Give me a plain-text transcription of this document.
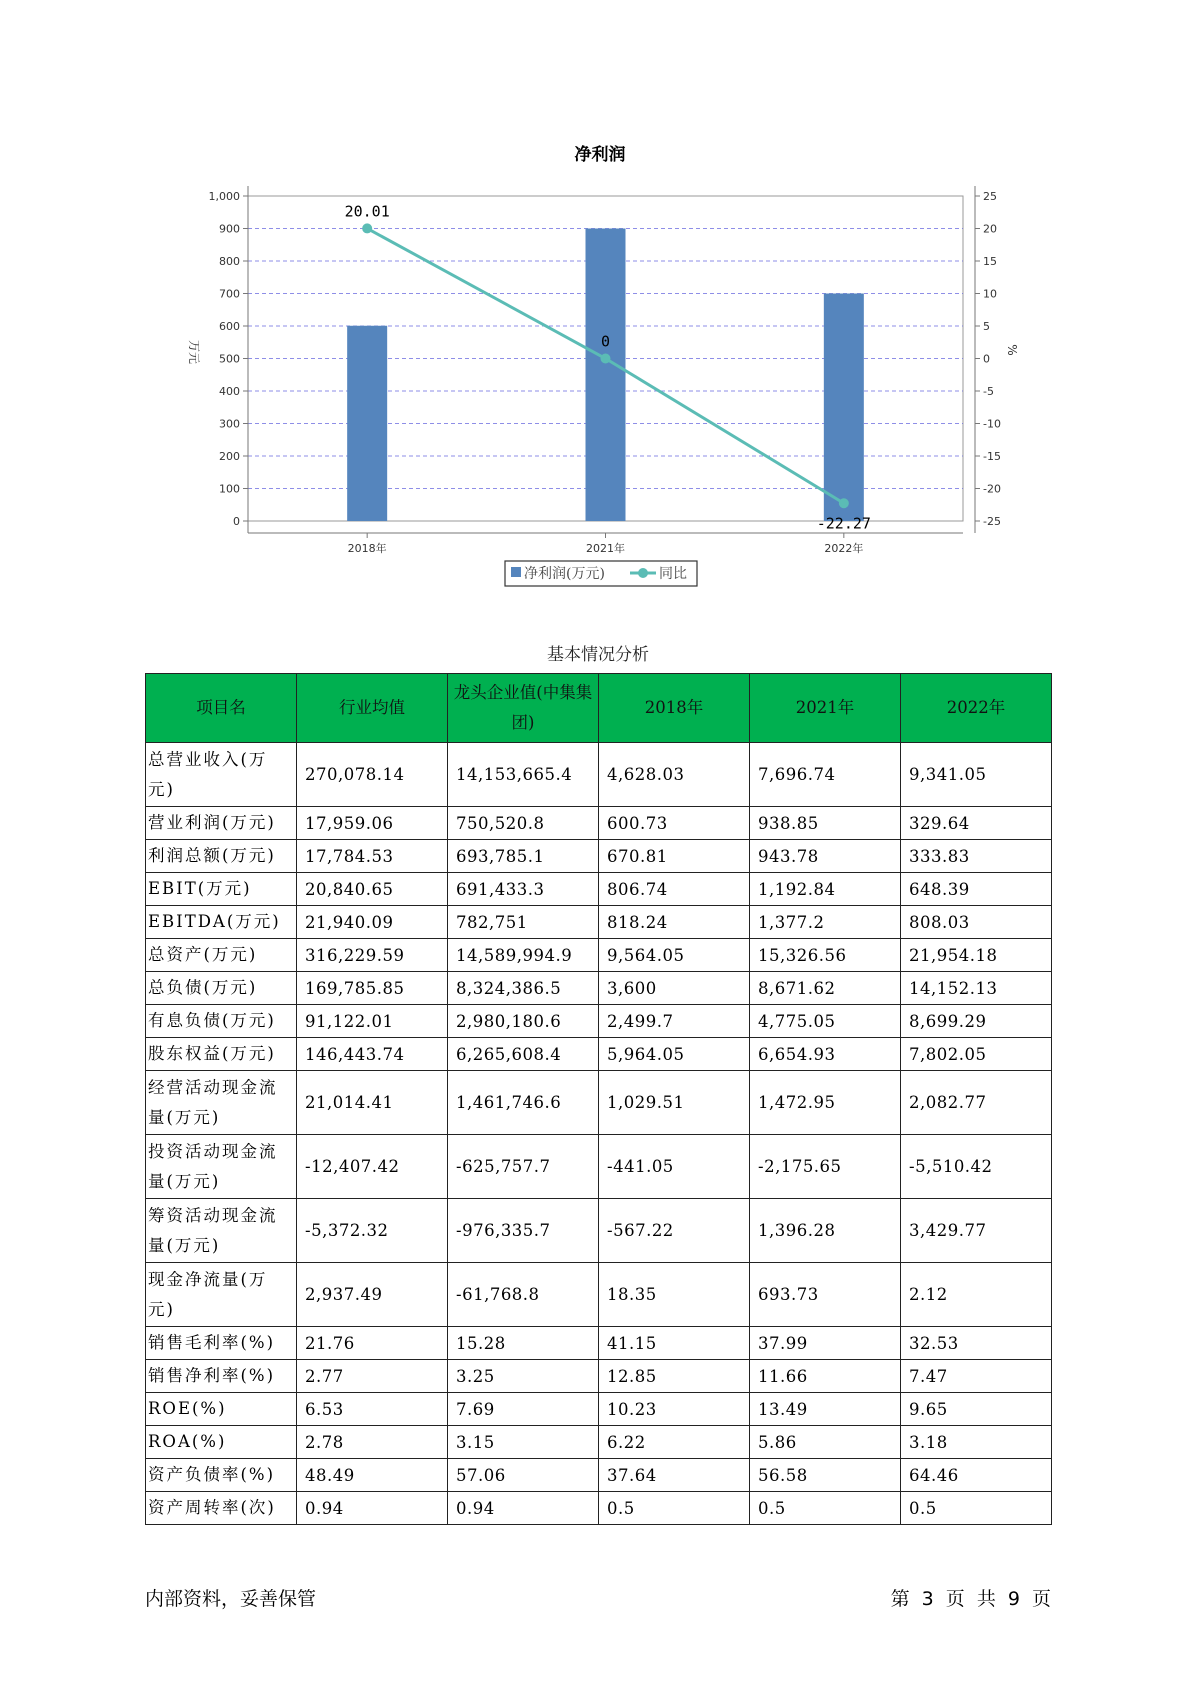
净利润
20.01
0
-22.27
0
100
200
300
400
500
600
700
800
900
1,000
-25
-20
-15
-10
-5
0
5
10
15
20
25
2018年	2021年	2022年
万元	%
净利润(万元)	同比
基本情况分析
项目名	行业均值	龙头企业值(中集集团)	2018年	2021年	2022年
总营业收入(万元)	270,078.14	14,153,665.4	4,628.03	7,696.74	9,341.05
营业利润(万元)	17,959.06	750,520.8	600.73	938.85	329.64
利润总额(万元)	17,784.53	693,785.1	670.81	943.78	333.83
EBIT(万元)	20,840.65	691,433.3	806.74	1,192.84	648.39
EBITDA(万元)	21,940.09	782,751	818.24	1,377.2	808.03
总资产(万元)	316,229.59	14,589,994.9	9,564.05	15,326.56	21,954.18
总负债(万元)	169,785.85	8,324,386.5	3,600	8,671.62	14,152.13
有息负债(万元)	91,122.01	2,980,180.6	2,499.7	4,775.05	8,699.29
股东权益(万元)	146,443.74	6,265,608.4	5,964.05	6,654.93	7,802.05
经营活动现金流量(万元)	21,014.41	1,461,746.6	1,029.51	1,472.95	2,082.77
投资活动现金流量(万元)	-12,407.42	-625,757.7	-441.05	-2,175.65	-5,510.42
筹资活动现金流量(万元)	-5,372.32	-976,335.7	-567.22	1,396.28	3,429.77
现金净流量(万元)	2,937.49	-61,768.8	18.35	693.73	2.12
销售毛利率(%)	21.76	15.28	41.15	37.99	32.53
销售净利率(%)	2.77	3.25	12.85	11.66	7.47
ROE(%)	6.53	7.69	10.23	13.49	9.65
ROA(%)	2.78	3.15	6.22	5.86	3.18
资产负债率(%)	48.49	57.06	37.64	56.58	64.46
资产周转率(次)	0.94	0.94	0.5	0.5	0.5
内部资料，妥善保管	第 3 页 共 9 页
